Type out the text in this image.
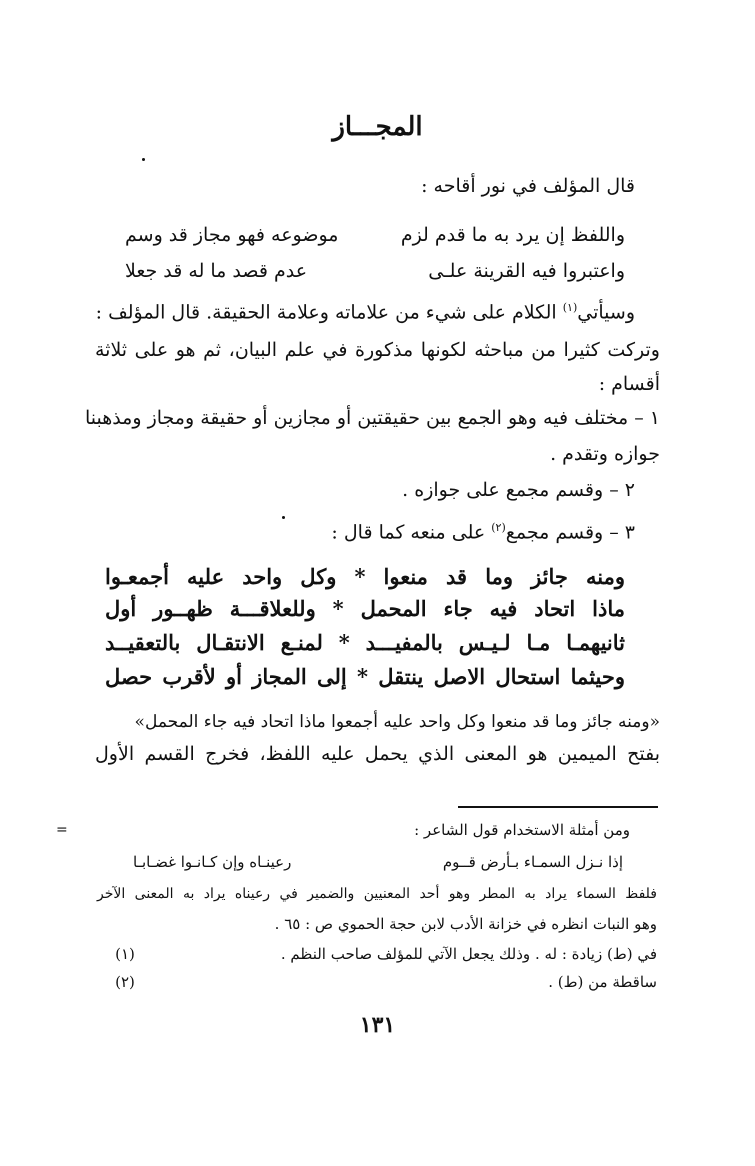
المجـــاز
قال المؤلف في نور أقاحه :
واللفظ إن يرد به ما قدم لزم
موضوعه فهو مجاز قد وسم
واعتبروا فيه القرينة علـى
عدم قصد ما له قد جعلا
وسيأتي$^{(١)}$ الكلام على شيء من علاماته وعلامة الحقيقة. قال المؤلف :
وتركت كثيرا من مباحثه لكونها مذكورة في علم البيان، ثم هو على ثلاثة
أقسام :
١ – مختلف فيه وهو الجمع بين حقيقتين أو مجازين أو حقيقة ومجاز ومذهبنا
جوازه وتقدم .
٢ – وقسم مجمع على جوازه .
٣ – وقسم مجمع$^{(٢)}$ على منعه كما قال :
ومنه جائز وما قد منعوا * وكل واحد عليه أجمعـوا
ماذا اتحاد فيه جاء المحمل * وللعلاقـــة ظهــور أول
ثانيهمـا مـا لـيـس بالمفيـــد * لمنـع الانتقـال بالتعقيــد
وحيثما استحال الاصل ينتقل * إلى المجاز أو لأقرب حصل
«ومنه جائز وما قد منعوا وكل واحد عليه أجمعوا ماذا اتحاد فيه جاء المحمل»
بفتح الميمين هو المعنى الذي يحمل عليه اللفظ، فخرج القسم الأول
=	ومن أمثلة الاستخدام قول الشاعر :
إذا نـزل السمـاء بـأرض قــوم
رعينـاه وإن كـانـوا غضـابـا
فلفظ السماء يراد به المطر وهو أحد المعنيين والضمير في رعيناه يراد به المعنى الآخر
وهو النبات انظره في خزانة الأدب لابن حجة الحموي ص : ٦٥ .
(١)	في (ط) زيادة : له . وذلك يجعل الآتي للمؤلف صاحب النظم .
(٢)	ساقطة من (ط) .
١٣١
